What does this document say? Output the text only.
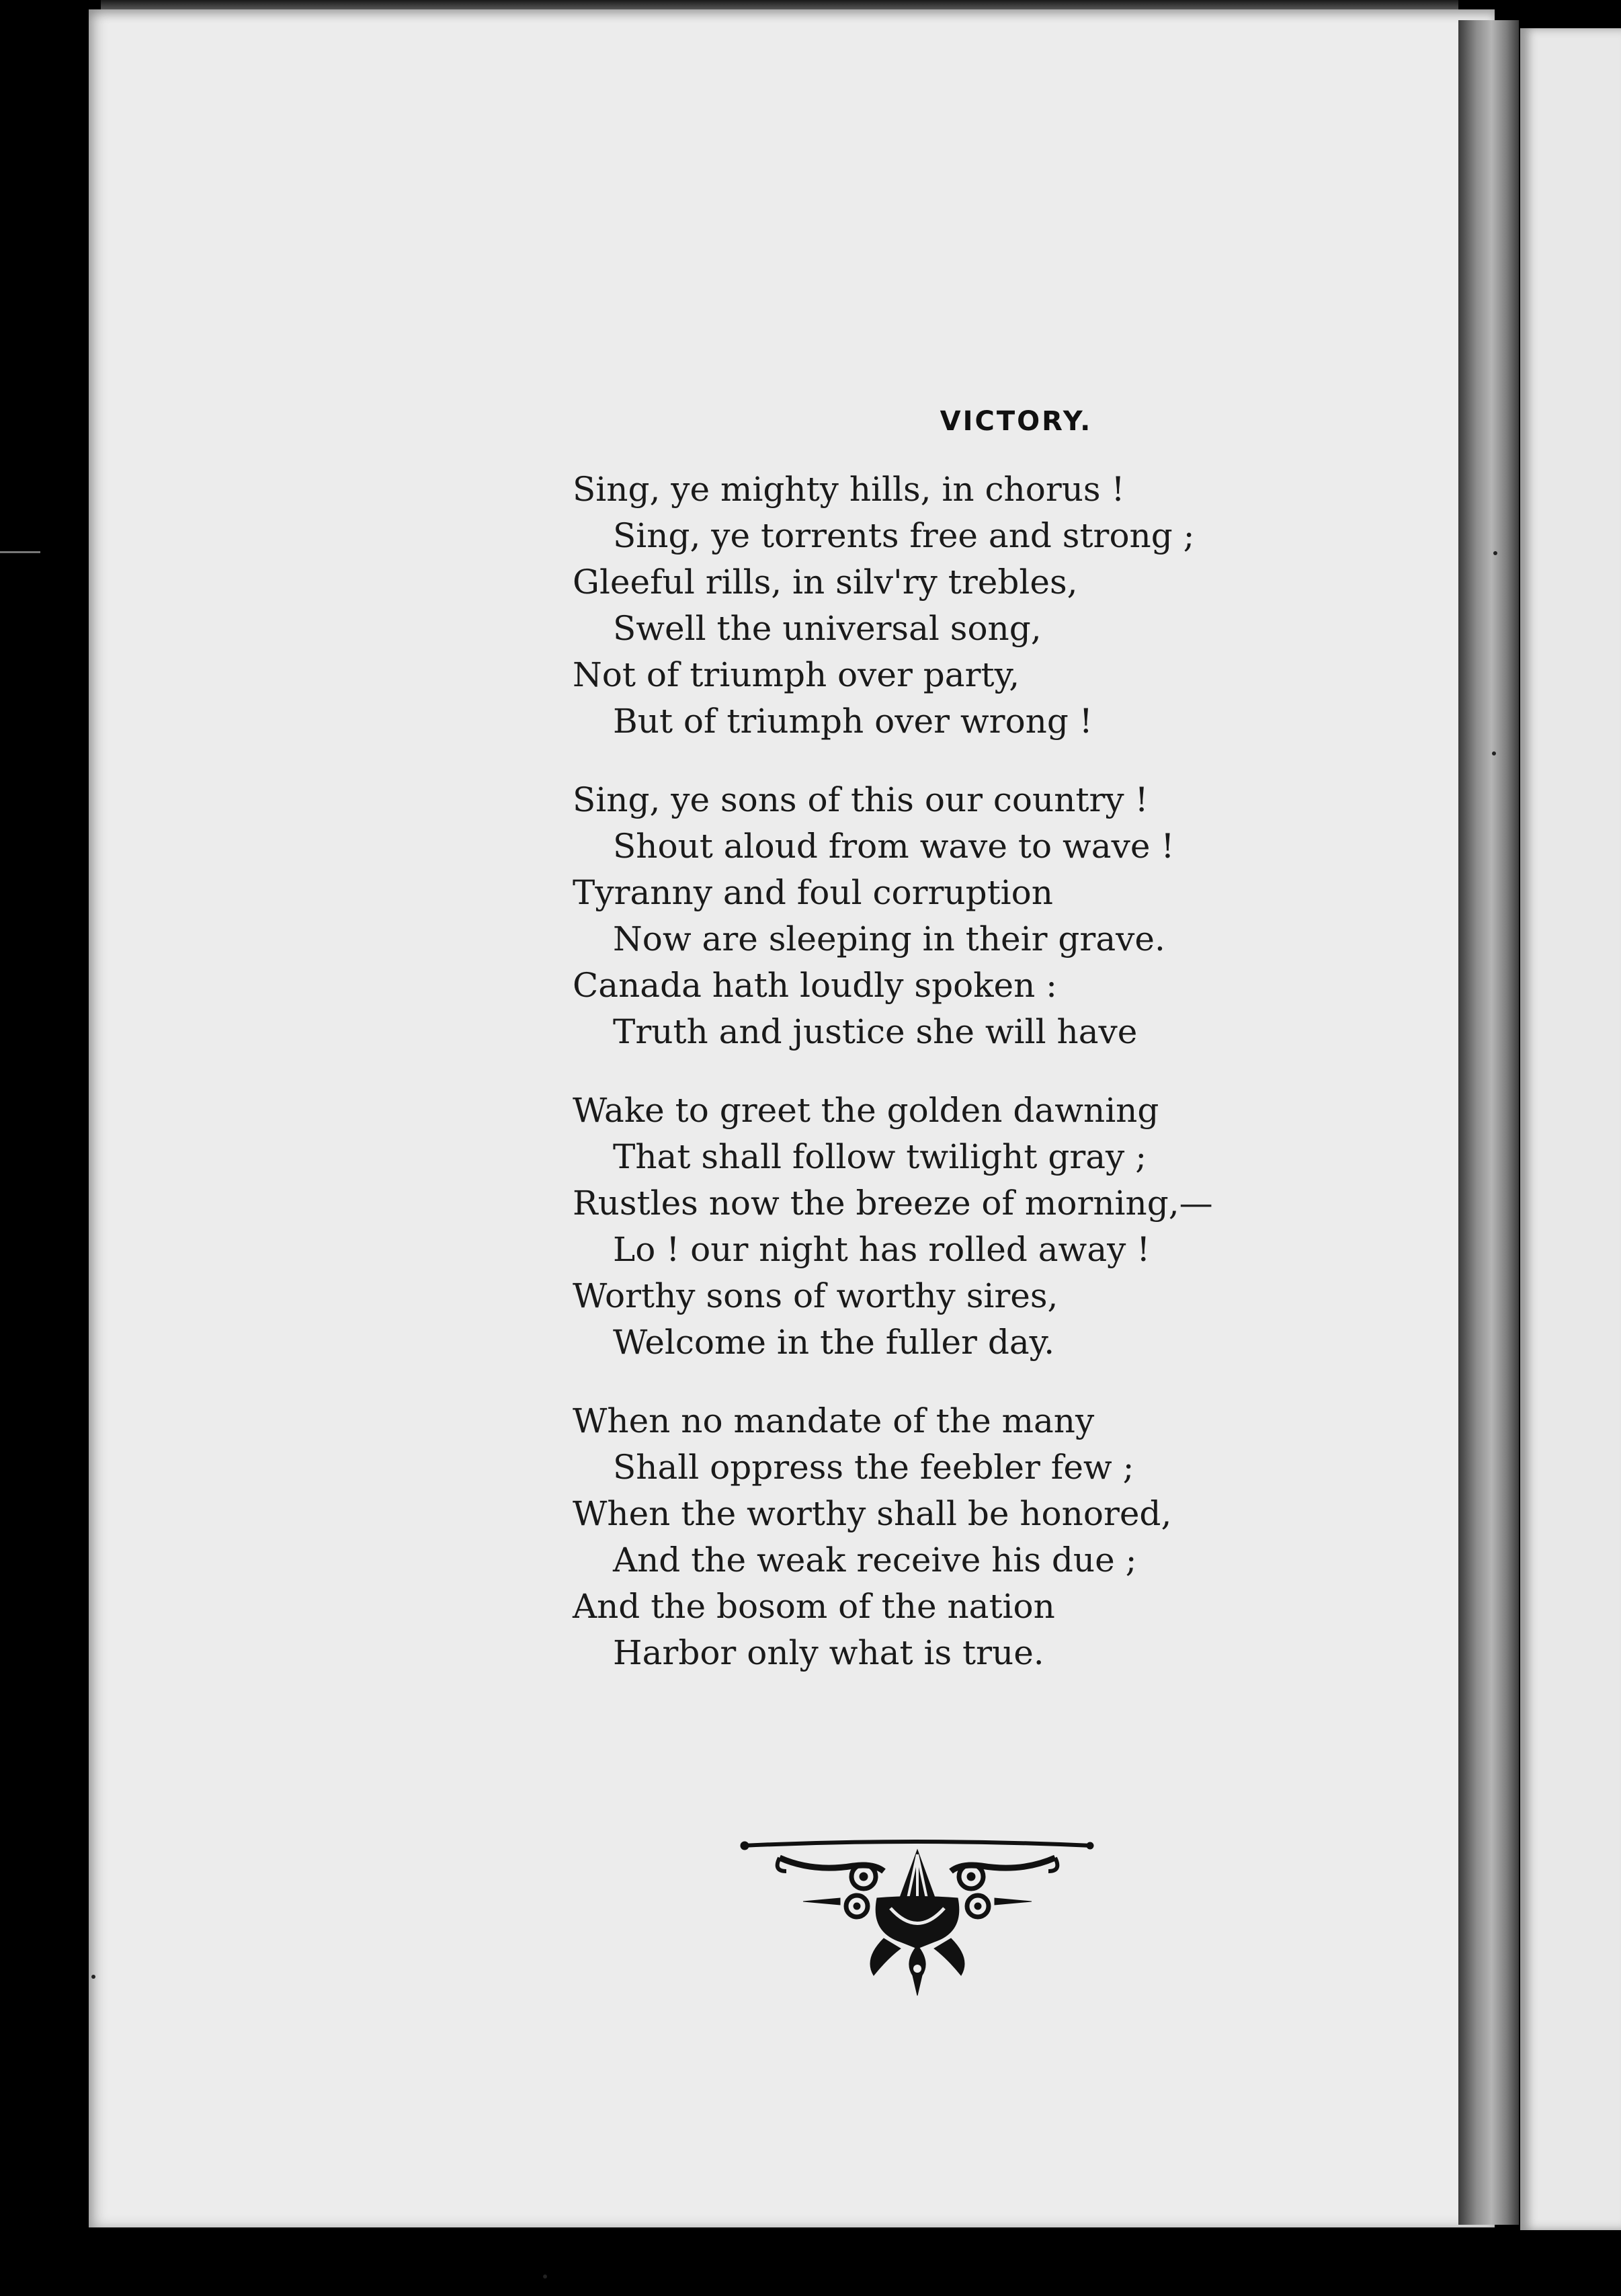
VICTORY.
Sing, ye mighty hills, in chorus !
Sing, ye torrents free and strong ;
Gleeful rills, in silv'ry trebles,
Swell the universal song,
Not of triumph over party,
But of triumph over wrong !
Sing, ye sons of this our country !
Shout aloud from wave to wave !
Tyranny and foul corruption
Now are sleeping in their grave.
Canada hath loudly spoken :
Truth and justice she will have
Wake to greet the golden dawning
That shall follow twilight gray ;
Rustles now the breeze of morning,—
Lo ! our night has rolled away !
Worthy sons of worthy sires,
Welcome in the fuller day.
When no mandate of the many
Shall oppress the feebler few ;
When the worthy shall be honored,
And the weak receive his due ;
And the bosom of the nation
Harbor only what is true.
